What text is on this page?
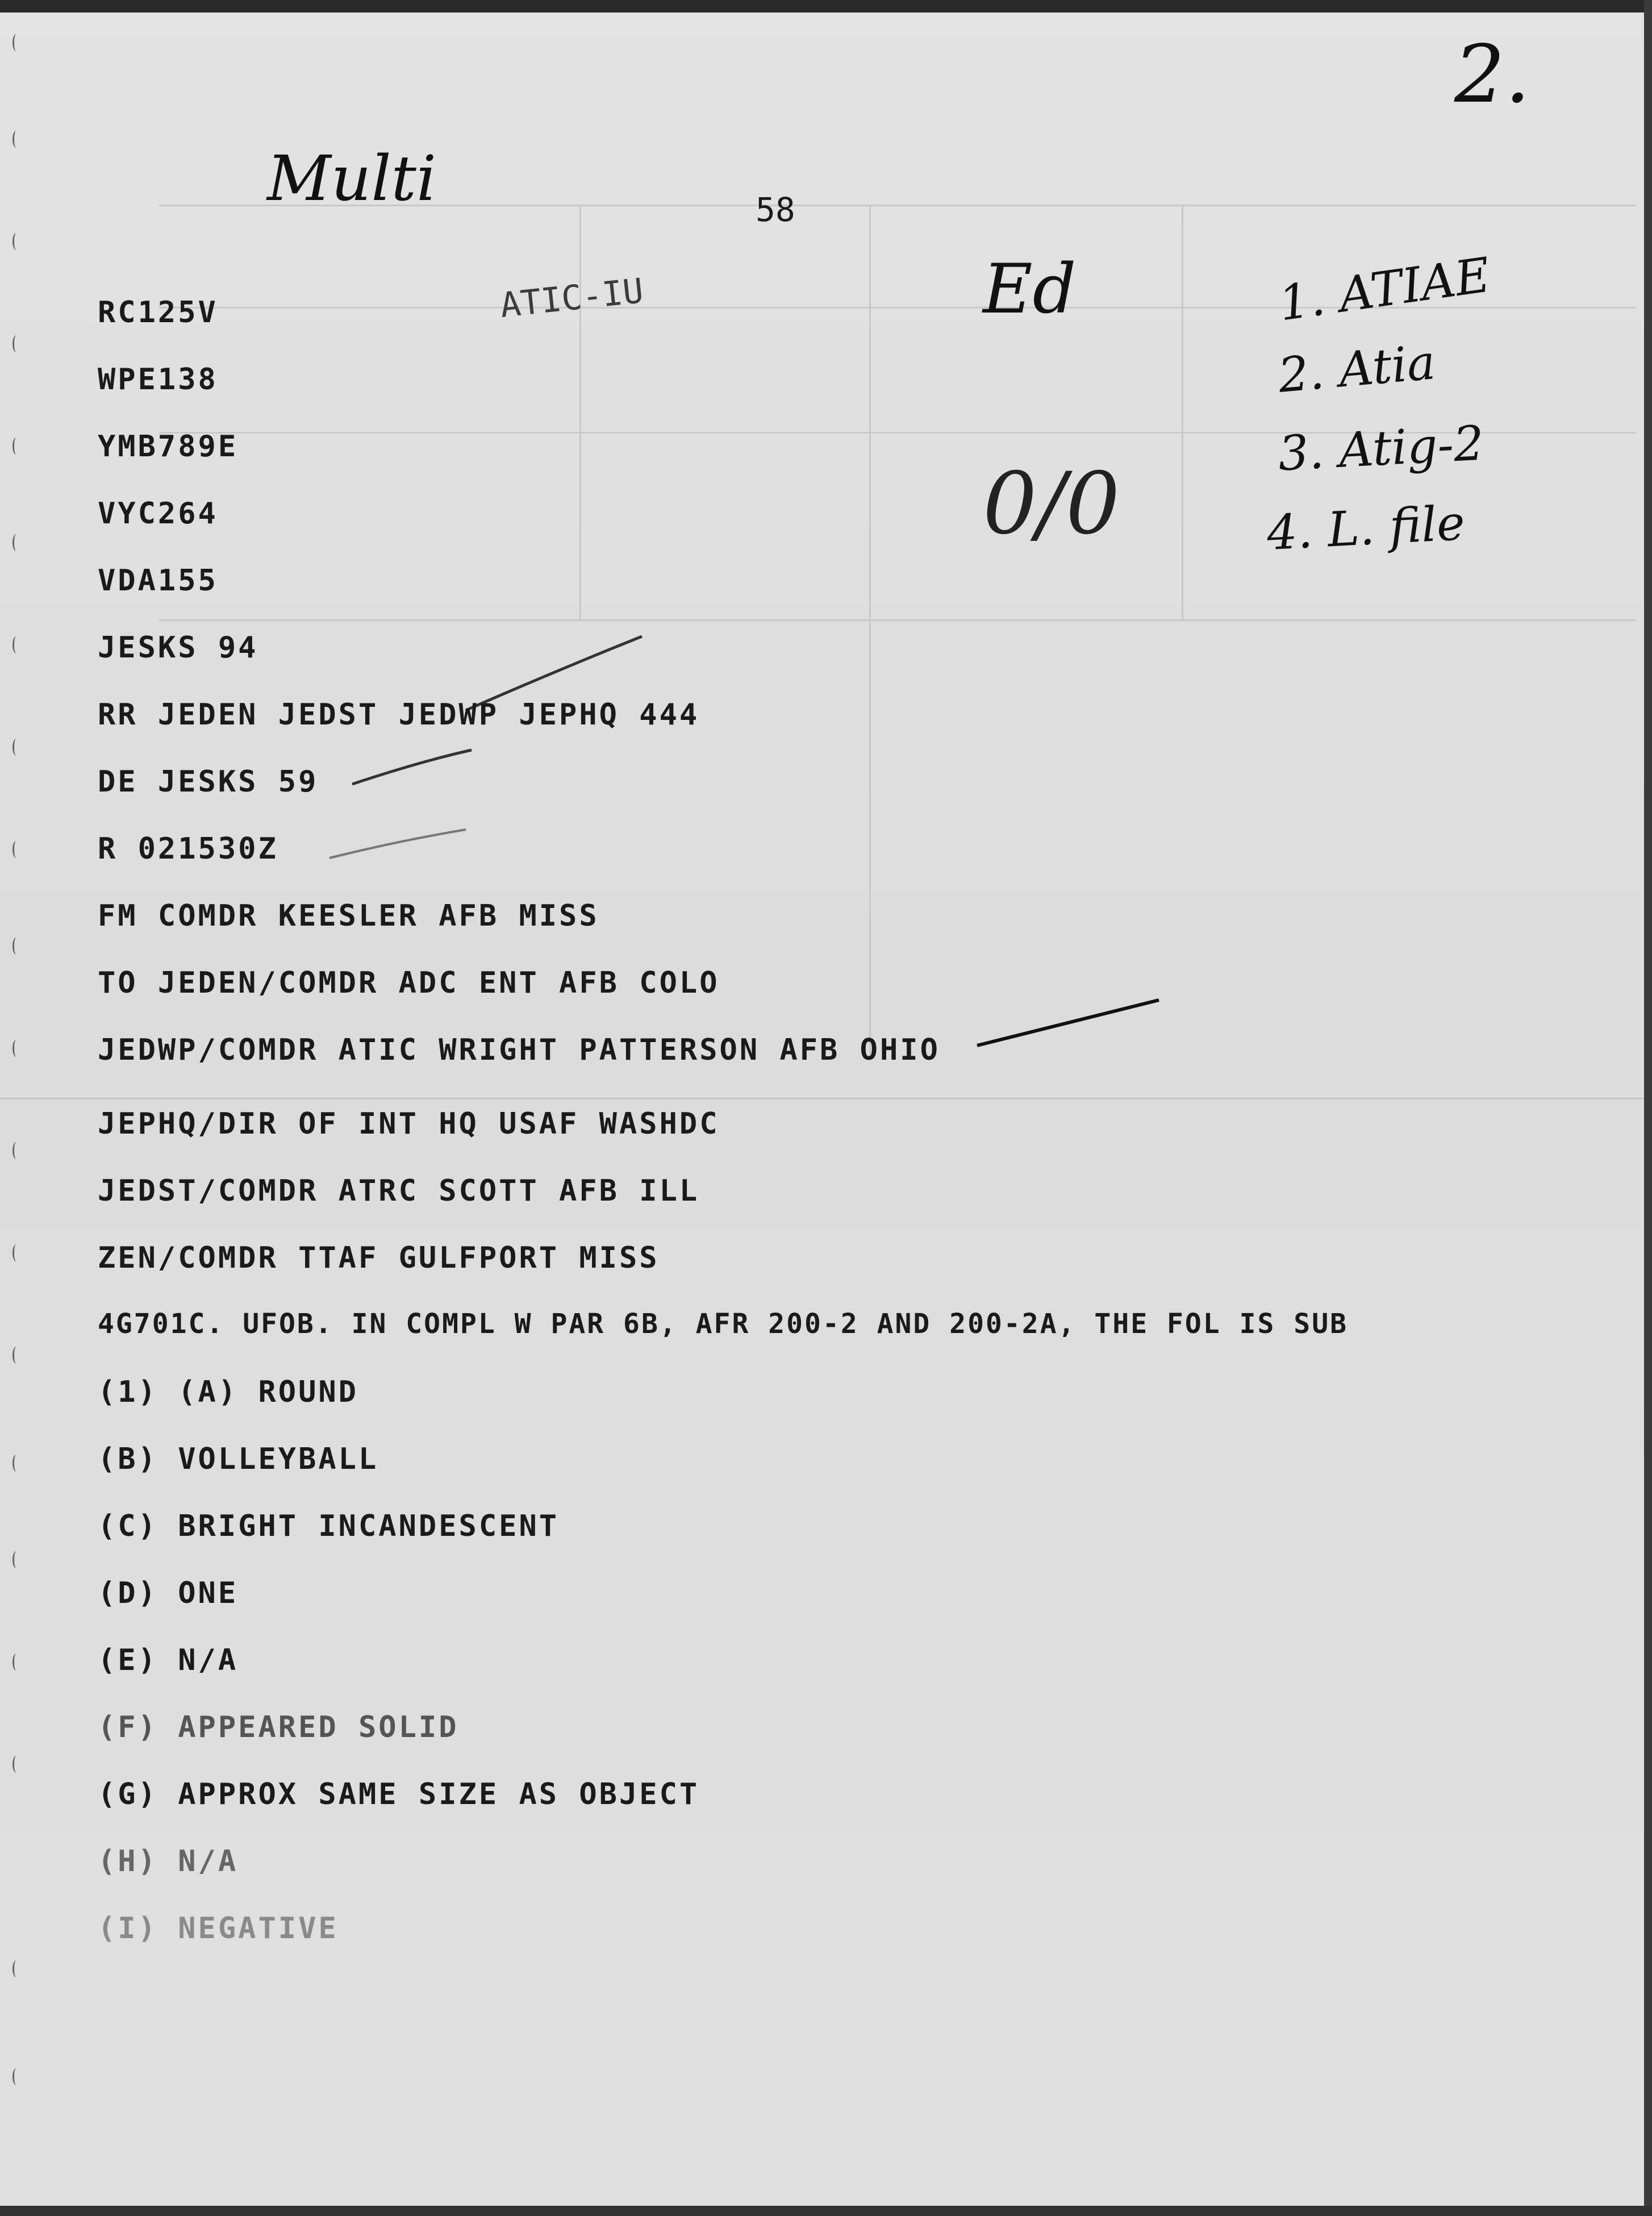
2.
Multi	58
ATIC-IU	Ed
0/0
1. ATIAE
2. Atia
3. Atig-2
4. L. file
RC125V
WPE138
YMB789E
VYC264
VDA155
JESKS 94
RR JEDEN JEDST JEDWP JEPHQ 444
DE JESKS 59
R 021530Z
FM COMDR KEESLER AFB MISS
TO JEDEN/COMDR ADC ENT AFB COLO
JEDWP/COMDR ATIC WRIGHT PATTERSON AFB OHIO
JEPHQ/DIR OF INT HQ USAF WASHDC
JEDST/COMDR ATRC SCOTT AFB ILL
ZEN/COMDR TTAF GULFPORT MISS
4G701C. UFOB. IN COMPL W PAR 6B, AFR 200-2 AND 200-2A, THE FOL IS SUB
(1) (A) ROUND
(B) VOLLEYBALL
(C) BRIGHT INCANDESCENT
(D) ONE
(E) N/A
(F) APPEARED SOLID
(G) APPROX SAME SIZE AS OBJECT
(H) N/A
(I) NEGATIVE
